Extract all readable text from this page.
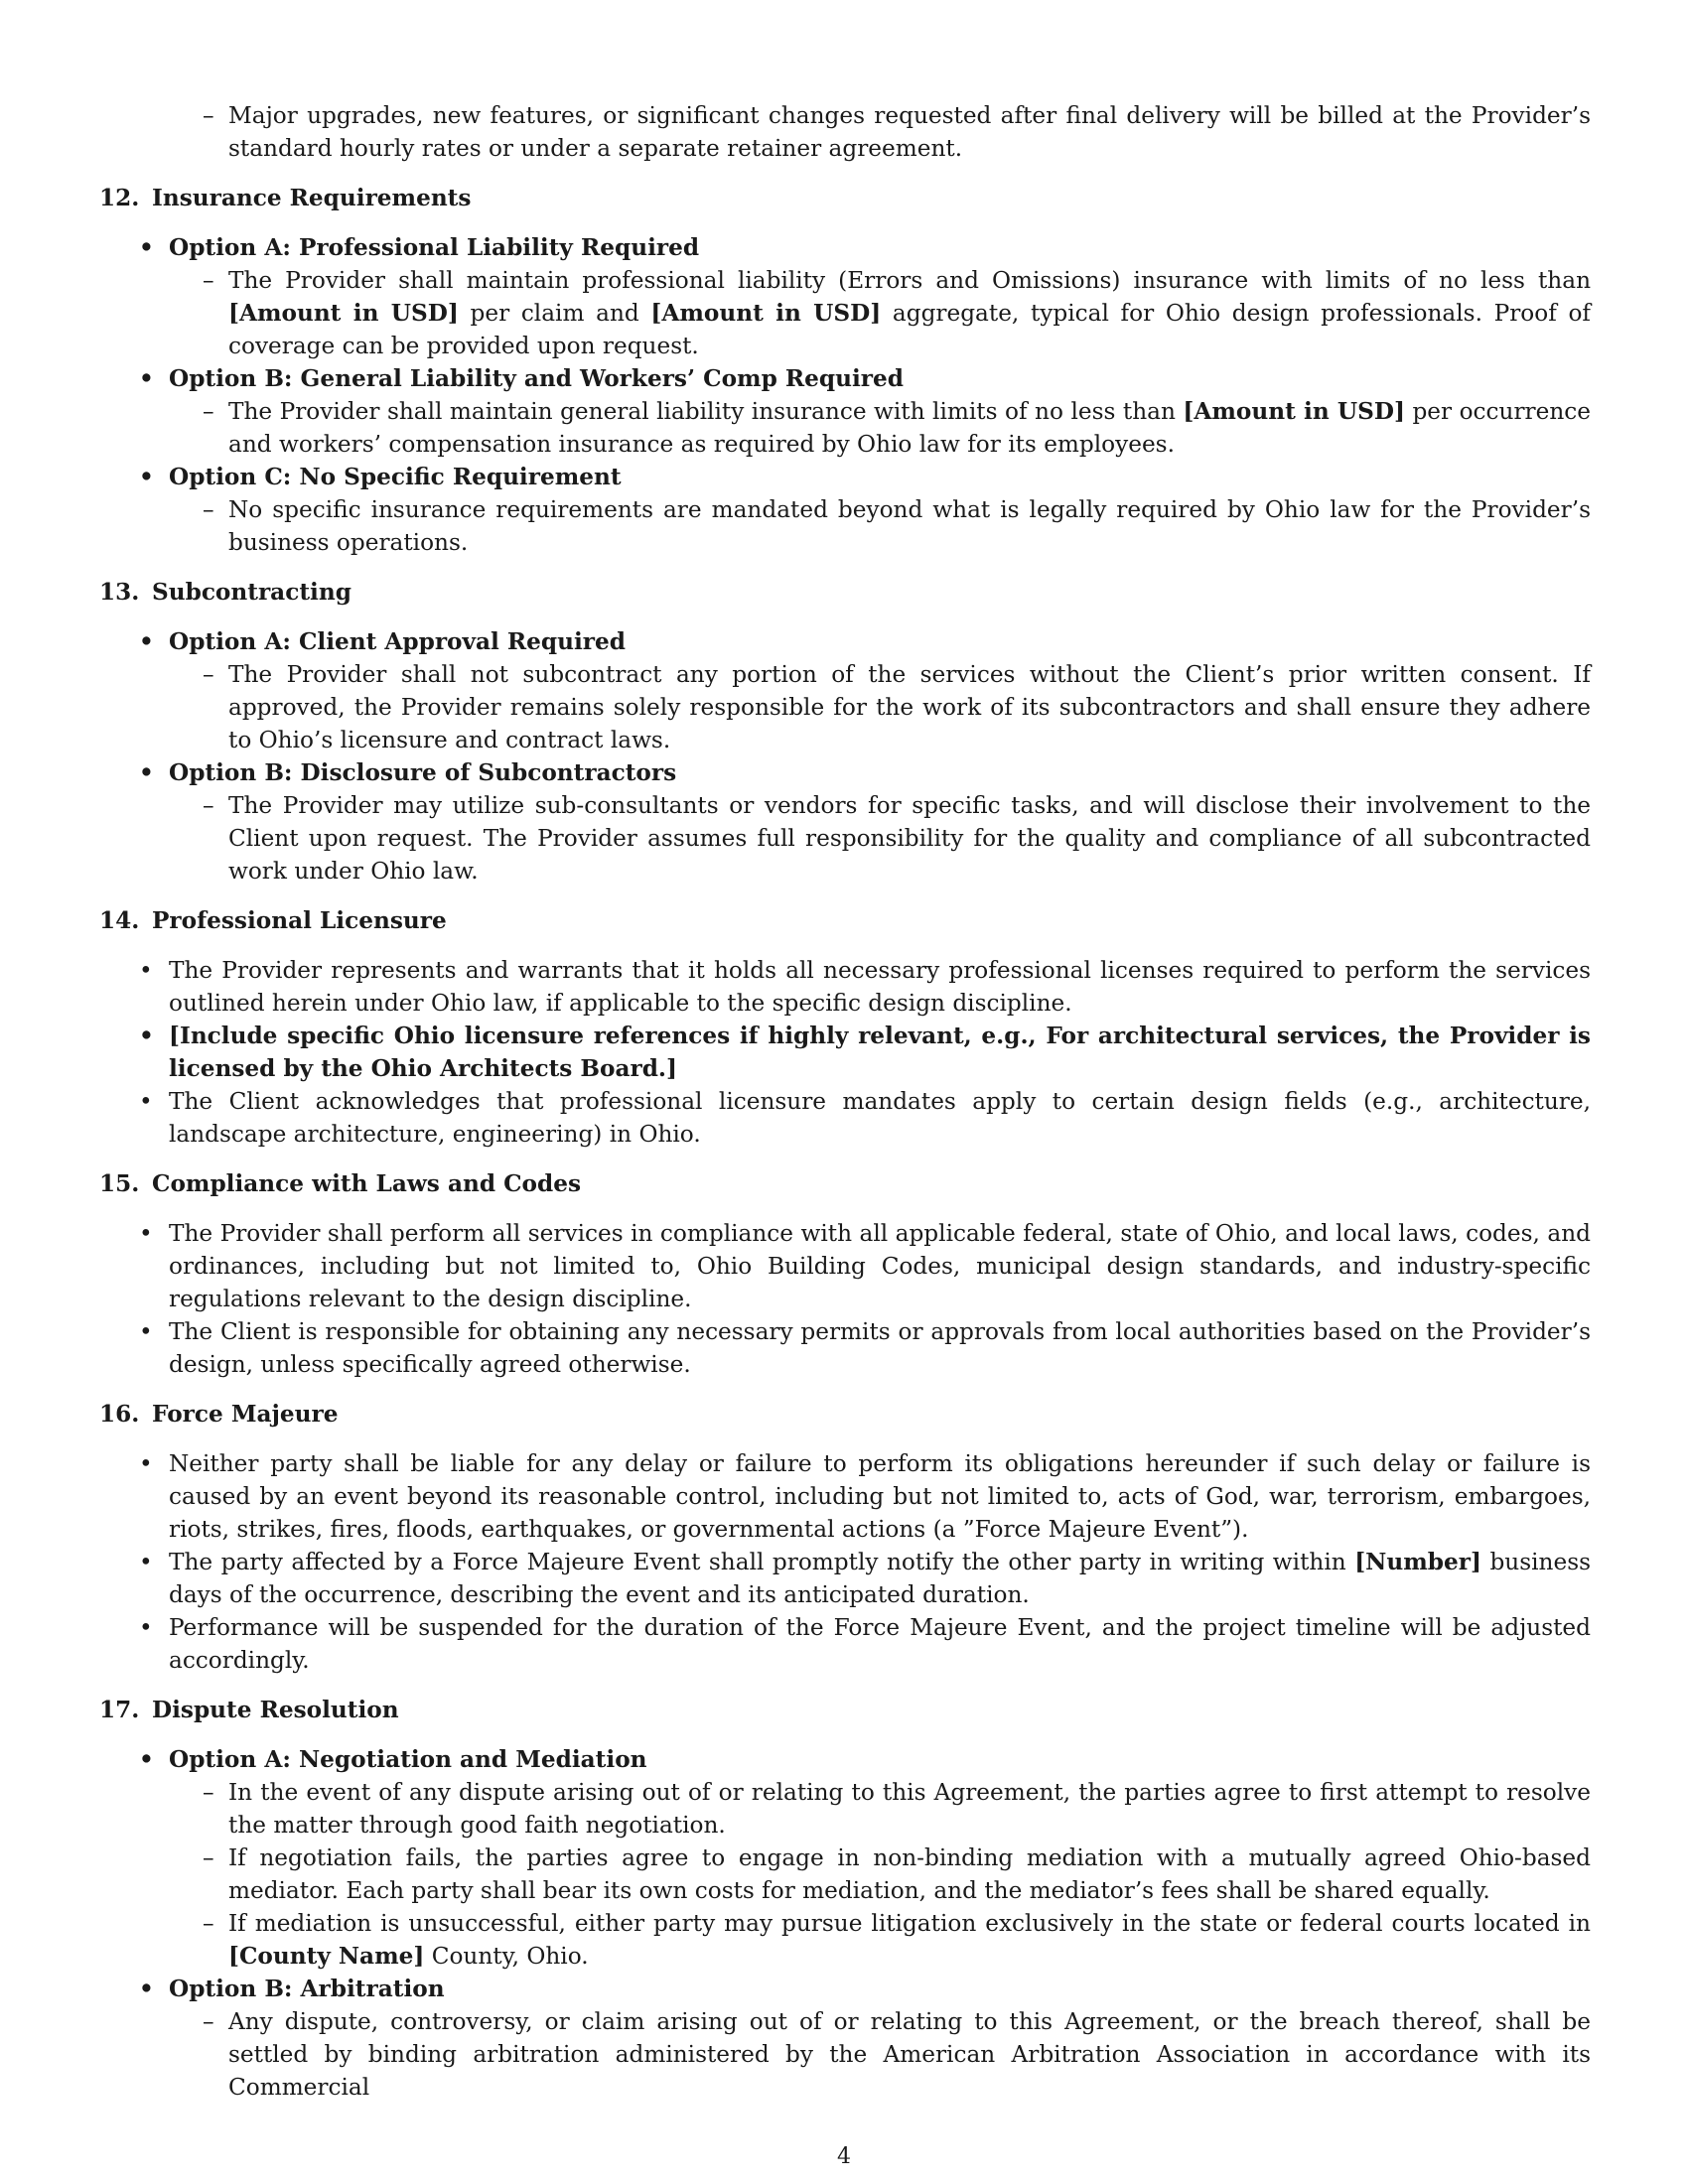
– Major upgrades, new features, or significant changes requested after final delivery will be billed at the Provider’s standard hourly rates or under a separate retainer agreement.

12. Insurance Requirements

• Option A: Professional Liability Required

– The Provider shall maintain professional liability (Errors and Omissions) insurance with limits of no less than [Amount in USD] per claim and [Amount in USD] aggregate, typical for Ohio design professionals. Proof of coverage can be provided upon request.

• Option B: General Liability and Workers’ Comp Required

– The Provider shall maintain general liability insurance with limits of no less than [Amount in USD] per occurrence and workers’ compensation insurance as required by Ohio law for its employees.

• Option C: No Specific Requirement

– No specific insurance requirements are mandated beyond what is legally required by Ohio law for the Provider’s business operations.

13. Subcontracting

• Option A: Client Approval Required

– The Provider shall not subcontract any portion of the services without the Client’s prior written consent. If approved, the Provider remains solely responsible for the work of its subcontractors and shall ensure they adhere to Ohio’s licensure and contract laws.

• Option B: Disclosure of Subcontractors

– The Provider may utilize sub-consultants or vendors for specific tasks, and will disclose their involvement to the Client upon request. The Provider assumes full responsibility for the quality and compliance of all subcontracted work under Ohio law.

14. Professional Licensure

• The Provider represents and warrants that it holds all necessary professional licenses required to perform the services outlined herein under Ohio law, if applicable to the specific design discipline.

• [Include specific Ohio licensure references if highly relevant, e.g., For architectural services, the Provider is licensed by the Ohio Architects Board.]

• The Client acknowledges that professional licensure mandates apply to certain design fields (e.g., architecture, landscape architecture, engineering) in Ohio.

15. Compliance with Laws and Codes

• The Provider shall perform all services in compliance with all applicable federal, state of Ohio, and local laws, codes, and ordinances, including but not limited to, Ohio Building Codes, municipal design standards, and industry-specific regulations relevant to the design discipline.

• The Client is responsible for obtaining any necessary permits or approvals from local authorities based on the Provider’s design, unless specifically agreed otherwise.

16. Force Majeure

• Neither party shall be liable for any delay or failure to perform its obligations hereunder if such delay or failure is caused by an event beyond its reasonable control, including but not limited to, acts of God, war, terrorism, embargoes, riots, strikes, fires, floods, earthquakes, or governmental actions (a ”Force Majeure Event”).

• The party affected by a Force Majeure Event shall promptly notify the other party in writing within [Number] business days of the occurrence, describing the event and its anticipated duration.

• Performance will be suspended for the duration of the Force Majeure Event, and the project timeline will be adjusted accordingly.

17. Dispute Resolution

• Option A: Negotiation and Mediation

– In the event of any dispute arising out of or relating to this Agreement, the parties agree to first attempt to resolve the matter through good faith negotiation.

– If negotiation fails, the parties agree to engage in non-binding mediation with a mutually agreed Ohio-based mediator. Each party shall bear its own costs for mediation, and the mediator’s fees shall be shared equally.

– If mediation is unsuccessful, either party may pursue litigation exclusively in the state or federal courts located in [County Name] County, Ohio.

• Option B: Arbitration

– Any dispute, controversy, or claim arising out of or relating to this Agreement, or the breach thereof, shall be settled by binding arbitration administered by the American Arbitration Association in accordance with its Commercial

4
